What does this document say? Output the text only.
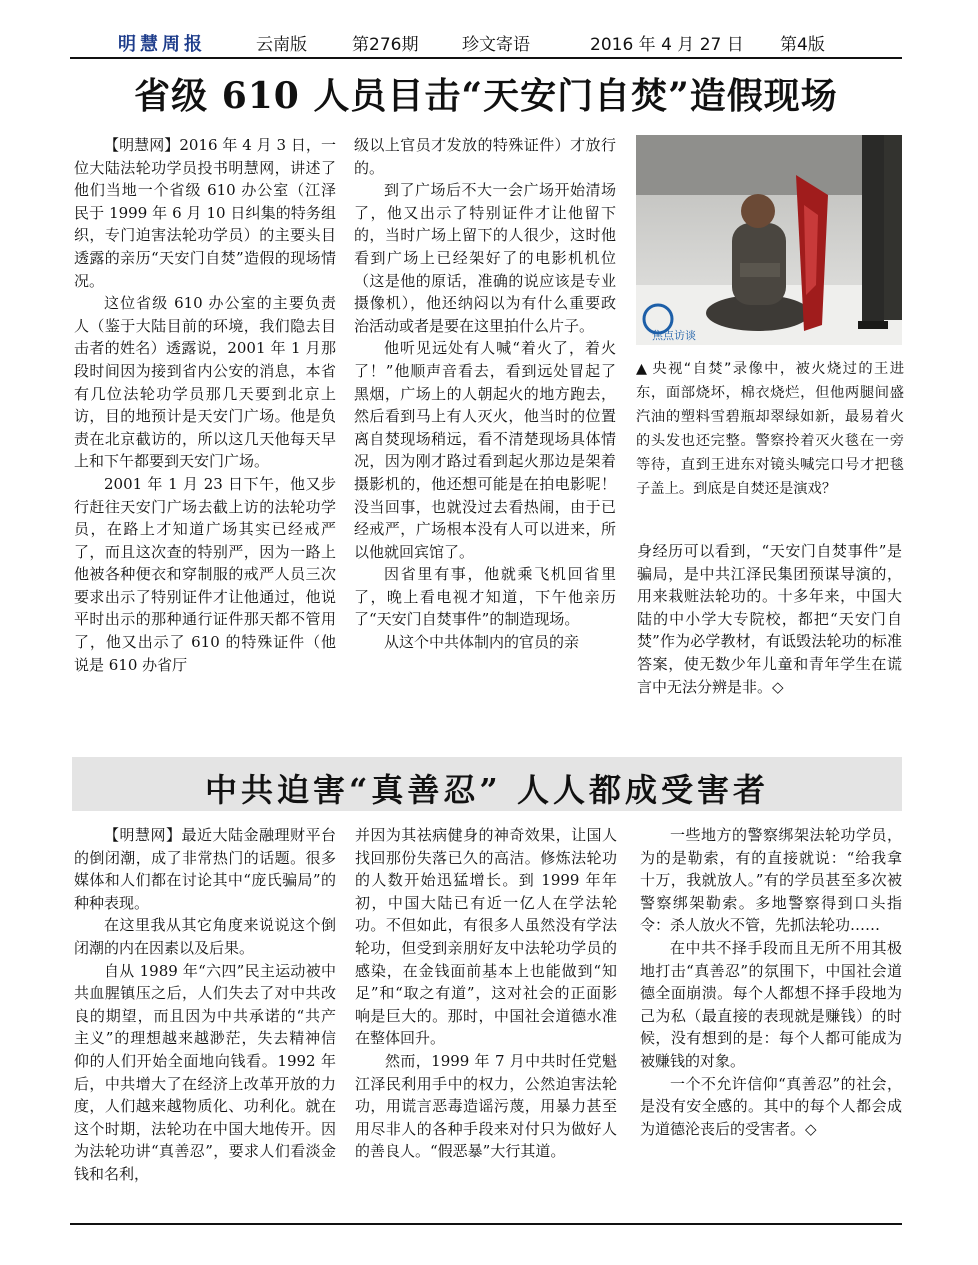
明慧周报	云南版	第276期	珍文寄语	2016 年 4 月 27 日 第4版
省级 610 人员目击“天安门自焚”造假现场

【明慧网】2016 年 4 月 3 日，一位大陆法轮功学员投书明慧网，讲述了他们当地一个省级 610 办公室（江泽民于 1999 年 6 月 10 日纠集的特务组织，专门迫害法轮功学员）的主要头目透露的亲历“天安门自焚”造假的现场情况。

这位省级 610 办公室的主要负责人（鉴于大陆目前的环境，我们隐去目击者的姓名）透露说，2001 年 1 月那段时间因为接到省内公安的消息，本省有几位法轮功学员那几天要到北京上访，目的地预计是天安门广场。他是负责在北京截访的，所以这几天他每天早上和下午都要到天安门广场。

2001 年 1 月 23 日下午，他又步行赶往天安门广场去截上访的法轮功学员，在路上才知道广场其实已经戒严了，而且这次查的特别严，因为一路上他被各种便衣和穿制服的戒严人员三次要求出示了特别证件才让他通过，他说平时出示的那种通行证件那天都不管用了，他又出示了 610 的特殊证件（他说是 610 办省厅

级以上官员才发放的特殊证件）才放行的。

到了广场后不大一会广场开始清场了，他又出示了特别证件才让他留下的，当时广场上留下的人很少，这时他看到广场上已经架好了的电影机机位（这是他的原话，准确的说应该是专业摄像机），他还纳闷以为有什么重要政治活动或者是要在这里拍什么片子。

他听见远处有人喊“着火了，着火了！”他顺声音看去，看到远处冒起了黑烟，广场上的人朝起火的地方跑去，然后看到马上有人灭火，他当时的位置离自焚现场稍远，看不清楚现场具体情况，因为刚才路过看到起火那边是架着摄影机的，他还想可能是在拍电影呢！没当回事，也就没过去看热闹，由于已经戒严，广场根本没有人可以进来，所以他就回宾馆了。

因省里有事，他就乘飞机回省里了，晚上看电视才知道，下午他亲历了“天安门自焚事件”的制造现场。

从这个中共体制内的官员的亲

焦点访谈
▲ 央视“自焚”录像中，被火烧过的王进东，面部烧坏，棉衣烧烂，但他两腿间盛汽油的塑料雪碧瓶却翠绿如新，最易着火的头发也还完整。警察拎着灭火毯在一旁等待，直到王进东对镜头喊完口号才把毯子盖上。到底是自焚还是演戏？

身经历可以看到，“天安门自焚事件”是骗局，是中共江泽民集团预谋导演的，用来栽赃法轮功的。十多年来，中国大陆的中小学大专院校，都把“天安门自焚”作为必学教材，有诋毁法轮功的标准答案，使无数少年儿童和青年学生在谎言中无法分辨是非。◇

中共迫害“真善忍” 人人都成受害者

【明慧网】最近大陆金融理财平台的倒闭潮，成了非常热门的话题。很多媒体和人们都在讨论其中“庞氏骗局”的种种表现。

在这里我从其它角度来说说这个倒闭潮的内在因素以及后果。

自从 1989 年“六四”民主运动被中共血腥镇压之后，人们失去了对中共改良的期望，而且因为中共承诺的“共产主义”的理想越来越渺茫，失去精神信仰的人们开始全面地向钱看。1992 年后，中共增大了在经济上改革开放的力度，人们越来越物质化、功利化。就在这个时期，法轮功在中国大地传开。因为法轮功讲“真善忍”，要求人们看淡金钱和名利，

并因为其祛病健身的神奇效果，让国人找回那份失落已久的高洁。修炼法轮功的人数开始迅猛增长。到 1999 年年初，中国大陆已有近一亿人在学法轮功。不但如此，有很多人虽然没有学法轮功，但受到亲朋好友中法轮功学员的感染，在金钱面前基本上也能做到“知足”和“取之有道”，这对社会的正面影响是巨大的。那时，中国社会道德水准在整体回升。

然而，1999 年 7 月中共时任党魁江泽民利用手中的权力，公然迫害法轮功，用谎言恶毒造谣污蔑，用暴力甚至用尽非人的各种手段来对付只为做好人的善良人。“假恶暴”大行其道。

一些地方的警察绑架法轮功学员，为的是勒索，有的直接就说：“给我拿十万，我就放人。”有的学员甚至多次被警察绑架勒索。多地警察得到口头指令：杀人放火不管，先抓法轮功……

在中共不择手段而且无所不用其极地打击“真善忍”的氛围下，中国社会道德全面崩溃。每个人都想不择手段地为己为私（最直接的表现就是赚钱）的时候，没有想到的是：每个人都可能成为被赚钱的对象。

一个不允许信仰“真善忍”的社会，是没有安全感的。其中的每个人都会成为道德沦丧后的受害者。◇
